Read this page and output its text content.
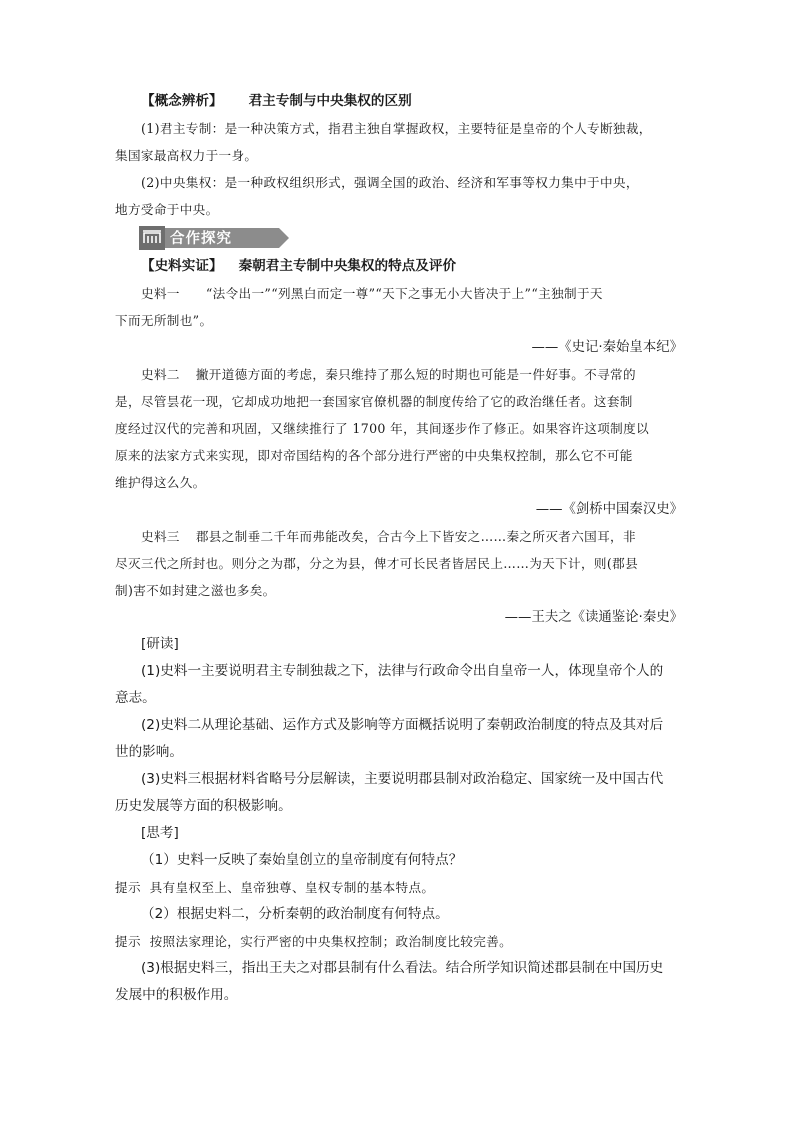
【概念辨析】 君主专制与中央集权的区别
(1)君主专制：是一种决策方式，指君主独自掌握政权，主要特征是皇帝的个人专断独裁，
集国家最高权力于一身。
(2)中央集权：是一种政权组织形式，强调全国的政治、经济和军事等权力集中于中央，
地方受命于中央。
合作探究
【史料实证】 秦朝君主专制中央集权的特点及评价
史料一 “法令出一”“列黑白而定一尊”“天下之事无小大皆决于上”“主独制于天
下而无所制也”。
——《史记·秦始皇本纪》
史料二 撇开道德方面的考虑，秦只维持了那么短的时期也可能是一件好事。不寻常的
是，尽管昙花一现，它却成功地把一套国家官僚机器的制度传给了它的政治继任者。这套制
度经过汉代的完善和巩固，又继续推行了 1700 年，其间逐步作了修正。如果容许这项制度以
原来的法家方式来实现，即对帝国结构的各个部分进行严密的中央集权控制，那么它不可能
维护得这么久。
——《剑桥中国秦汉史》
史料三 郡县之制垂二千年而弗能改矣，合古今上下皆安之……秦之所灭者六国耳，非
尽灭三代之所封也。则分之为郡，分之为县，俾才可长民者皆居民上……为天下计，则(郡县
制)害不如封建之滋也多矣。
——王夫之《读通鉴论·秦史》
[研读]
(1)史料一主要说明君主专制独裁之下，法律与行政命令出自皇帝一人，体现皇帝个人的
意志。
(2)史料二从理论基础、运作方式及影响等方面概括说明了秦朝政治制度的特点及其对后
世的影响。
(3)史料三根据材料省略号分层解读，主要说明郡县制对政治稳定、国家统一及中国古代
历史发展等方面的积极影响。
[思考]
（1）史料一反映了秦始皇创立的皇帝制度有何特点？
提示 具有皇权至上、皇帝独尊、皇权专制的基本特点。
（2）根据史料二，分析秦朝的政治制度有何特点。
提示 按照法家理论，实行严密的中央集权控制；政治制度比较完善。
(3)根据史料三，指出王夫之对郡县制有什么看法。结合所学知识简述郡县制在中国历史
发展中的积极作用。
